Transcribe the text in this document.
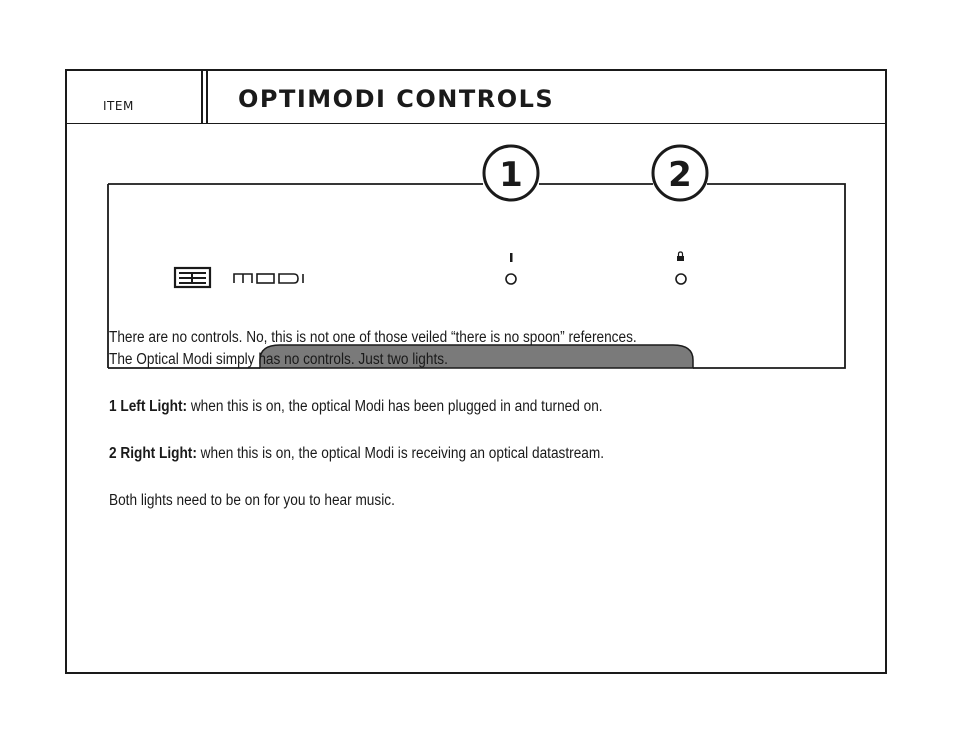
ITEM	OPTIMODI CONTROLS
1	2

There are no controls. No, this is not one of those veiled “there is no spoon” references.

The Optical Modi simply has no controls. Just two lights.

1 Left Light: when this is on, the optical Modi has been plugged in and turned on.
2 Right Light: when this is on, the optical Modi is receiving an optical datastream.
Both lights need to be on for you to hear music.
